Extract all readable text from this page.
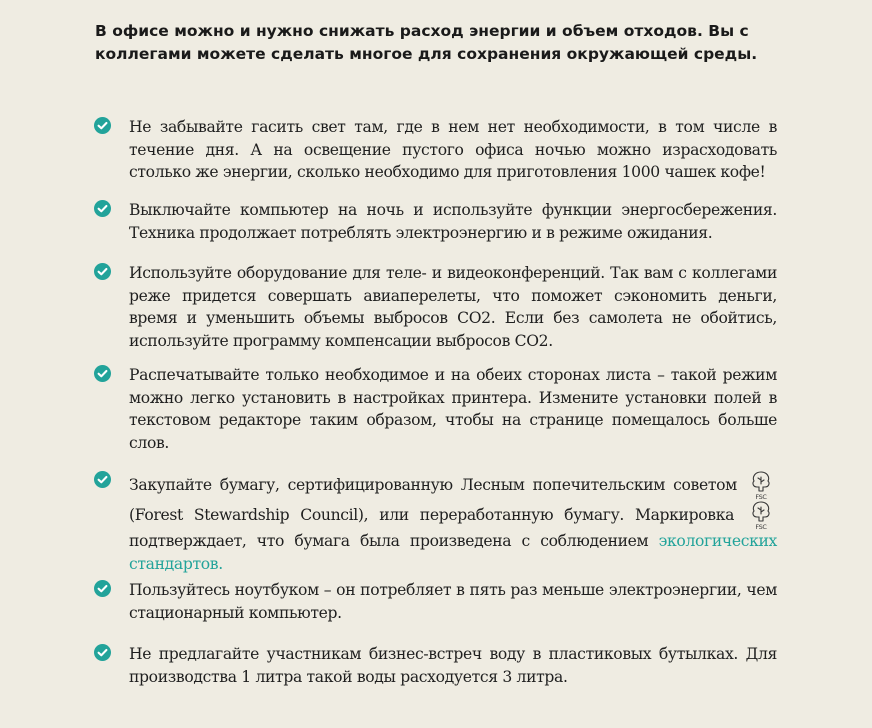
В офисе можно и нужно снижать расход энергии и объем отходов. Вы с коллегами можете сделать многое для сохранения окружающей среды.
Не забывайте гасить свет там, где в нем нет необходимости, в том числе в течение дня. А на освещение пустого офиса ночью можно израсходовать столько же энергии, сколько необходимо для приготовления 1000 чашек кофе!
Выключайте компьютер на ночь и используйте функции энергосбережения. Техника продолжает потреблять электроэнергию и в режиме ожидания.
Используйте оборудование для теле- и видеоконференций. Так вам с коллегами реже придется совершать авиаперелеты, что поможет сэкономить деньги, время и уменьшить объемы выбросов CO2. Если без самолета не обойтись, используйте программу компенсации выбросов CO2.
Распечатывайте только необходимое и на обеих сторонах листа – такой режим можно легко установить в настройках принтера. Измените установки полей в текстовом редакторе таким образом, чтобы на странице помещалось больше слов.
Закупайте бумагу, сертифицированную Лесным попечительским советом
FSC
(Forest Stewardship Council), или переработанную бумагу. Маркировка
FSC
подтверждает, что бумага была произведена с соблюдением экологических стандартов.
Пользуйтесь ноутбуком – он потребляет в пять раз меньше электроэнергии, чем стационарный компьютер.
Не предлагайте участникам бизнес-встреч воду в пластиковых бутылках. Для производства 1 литра такой воды расходуется 3 литра.
